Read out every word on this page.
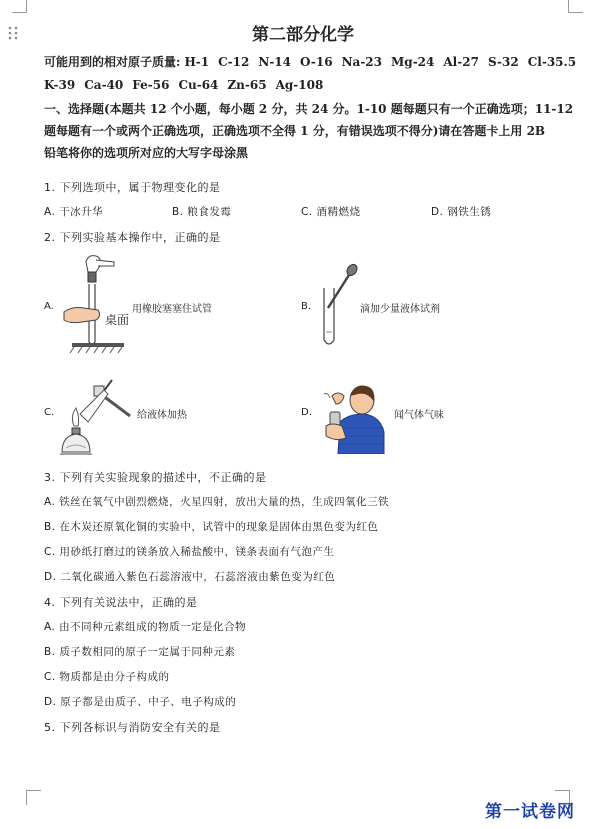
第二部分化学
可能用到的相对原子质量: H-1 C-12 N-14 O-16 Na-23 Mg-24 Al-27 S-32 Cl-35.5
K-39 Ca-40 Fe-56 Cu-64 Zn-65 Ag-108
一、选择题(本题共 12 个小题，每小题 2 分，共 24 分。1-10 题每题只有一个正确选项；11-12
题每题有一个或两个正确选项，正确选项不全得 1 分，有错误选项不得分)请在答题卡上用 2B
铅笔将你的选项所对应的大写字母涂黑
1. 下列选项中，属于物理变化的是
A. 干冰升华	B. 粮食发霉	C. 酒精燃烧	D. 钢铁生锈
2. 下列实验基本操作中，正确的是
A.
桌面
用橡胶塞塞住试管	B.	滴加少量液体试剂
C.	给液体加热	D.	闻气体气味
3. 下列有关实验现象的描述中，不正确的是
A. 铁丝在氧气中剧烈燃烧，火星四射，放出大量的热，生成四氧化三铁
B. 在木炭还原氧化铜的实验中，试管中的现象是固体由黑色变为红色
C. 用砂纸打磨过的镁条放入稀盐酸中，镁条表面有气泡产生
D. 二氧化碳通入紫色石蕊溶液中，石蕊溶液由紫色变为红色
4. 下列有关说法中，正确的是
A. 由不同种元素组成的物质一定是化合物
B. 质子数相同的原子一定属于同种元素
C. 物质都是由分子构成的
D. 原子都是由质子、中子、电子构成的
5. 下列各标识与消防安全有关的是
第一试卷网
